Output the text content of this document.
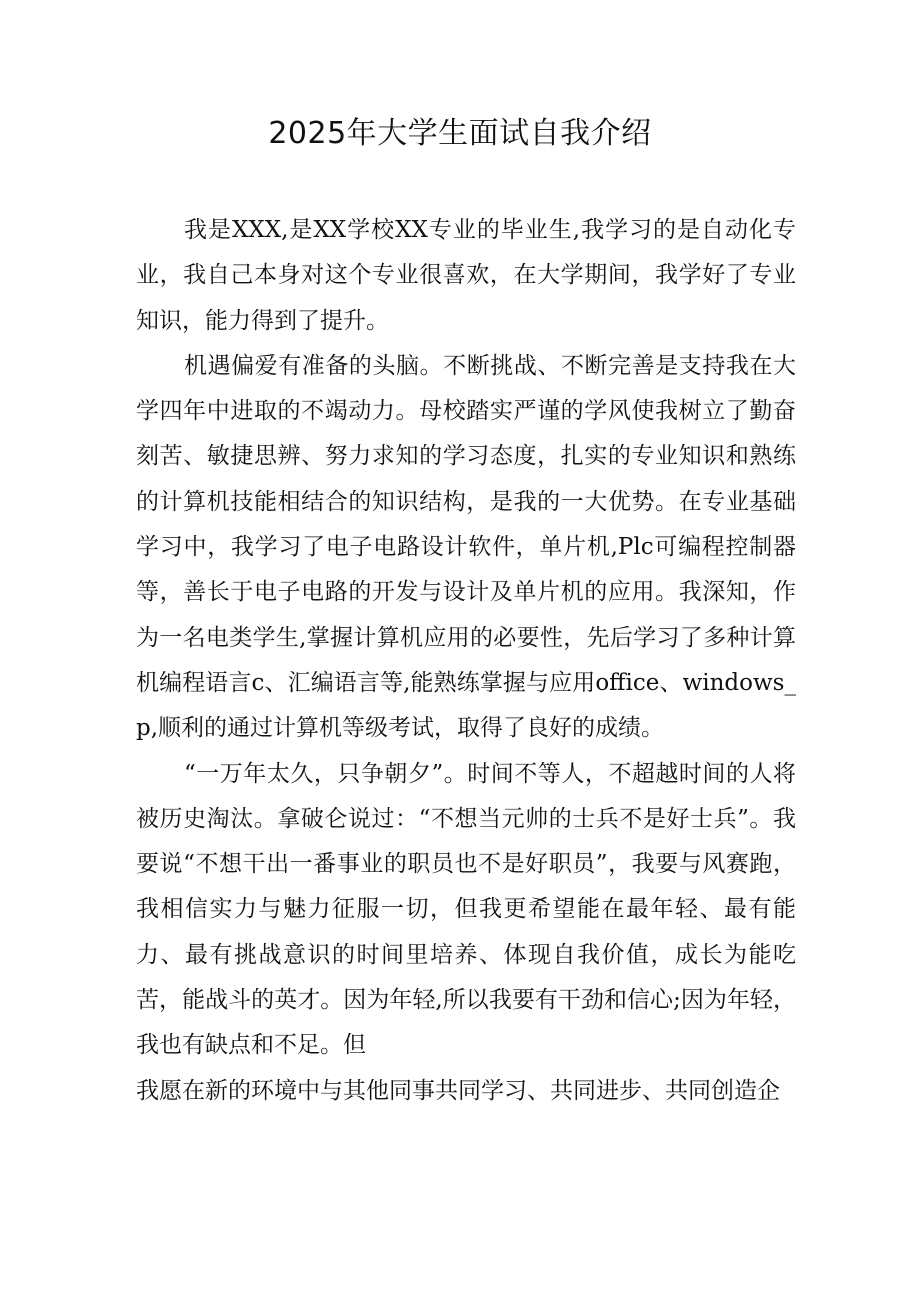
2025年大学生面试自我介绍

我是XXX,是XX学校XX专业的毕业生,我学习的是自动化专业，我自己本身对这个专业很喜欢，在大学期间，我学好了专业知识，能力得到了提升。

机遇偏爱有准备的头脑。不断挑战、不断完善是支持我在大学四年中进取的不竭动力。母校踏实严谨的学风使我树立了勤奋刻苦、敏捷思辨、努力求知的学习态度，扎实的专业知识和熟练的计算机技能相结合的知识结构，是我的一大优势。在专业基础学习中，我学习了电子电路设计软件，单片机,Plc可编程控制器等，善长于电子电路的开发与设计及单片机的应用。我深知，作为一名电类学生,掌握计算机应用的必要性，先后学习了多种计算机编程语言c、汇编语言等,能熟练掌握与应用office、windows_p,顺利的通过计算机等级考试，取得了良好的成绩。

“一万年太久，只争朝夕”。时间不等人，不超越时间的人将被历史淘汰。拿破仑说过：“不想当元帅的士兵不是好士兵”。我要说“不想干出一番事业的职员也不是好职员”，我要与风赛跑，我相信实力与魅力征服一切，但我更希望能在最年轻、最有能力、最有挑战意识的时间里培养、体现自我价值，成长为能吃苦，能战斗的英才。因为年轻,所以我要有干劲和信心;因为年轻，我也有缺点和不足。但

我愿在新的环境中与其他同事共同学习、共同进步、共同创造企
